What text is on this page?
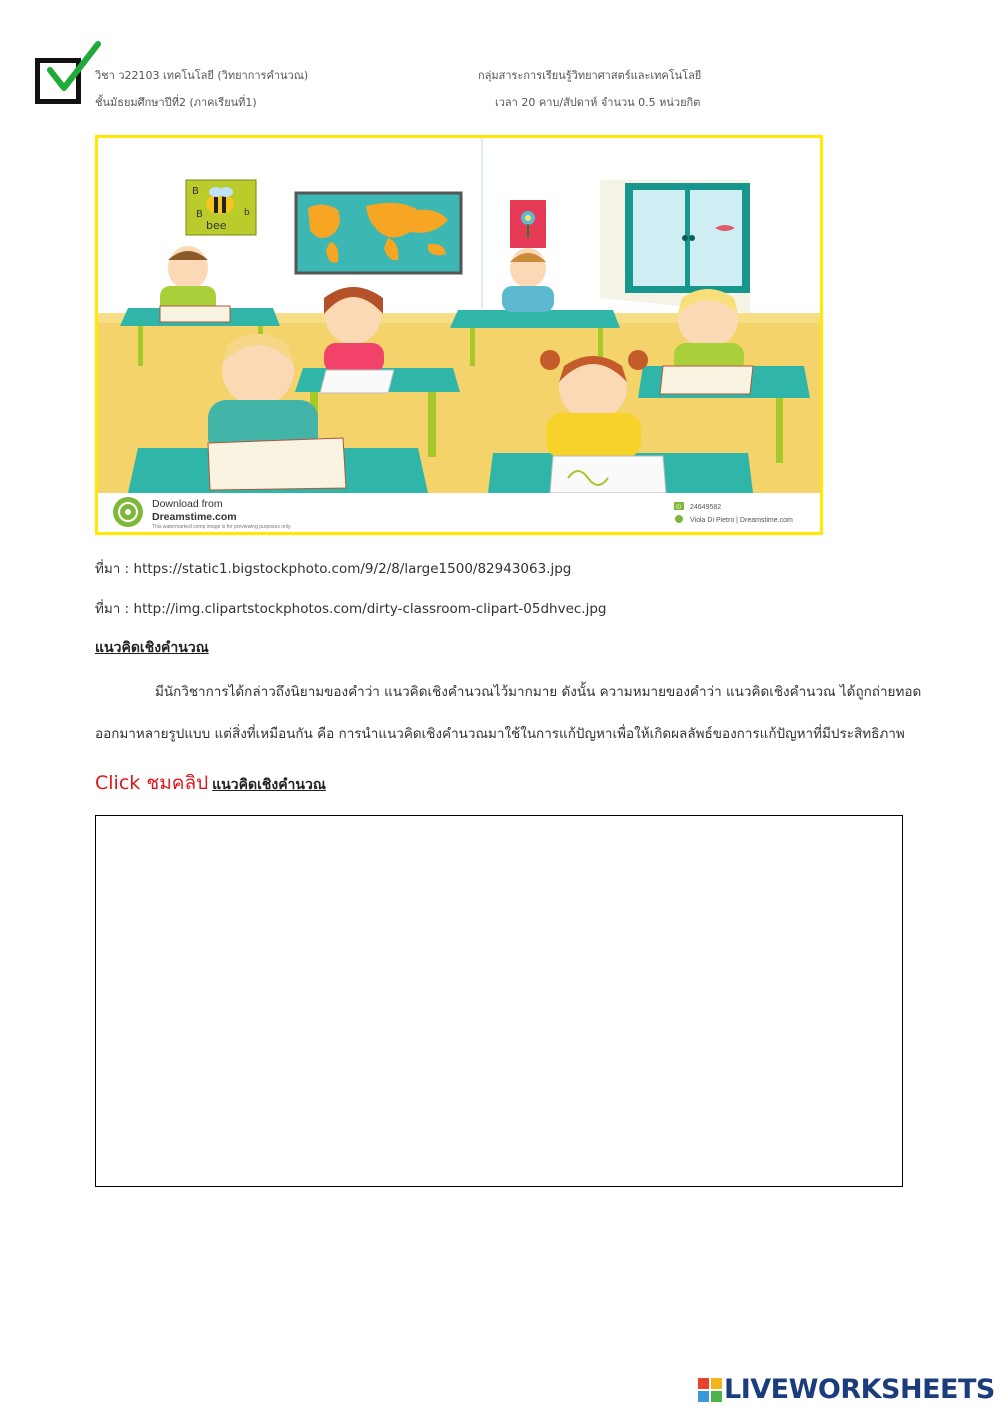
วิชา ว22103 เทคโนโลยี (วิทยาการคำนวณ)
ชั้นมัธยมศึกษาปีที่2 (ภาคเรียนที่1)
กลุ่มสาระการเรียนรู้วิทยาศาสตร์และเทคโนโลยี
เวลา 20 คาบ/สัปดาห์ จำนวน 0.5 หน่วยกิต
B
B	b
bee
Download from
Dreamstime.com
This watermarked comp image is for previewing purposes only.
ID 24649582
Viola Di Pietro | Dreamstime.com
ที่มา : https://static1.bigstockphoto.com/9/2/8/large1500/82943063.jpg
ที่มา : http://img.clipartstockphotos.com/dirty-classroom-clipart-05dhvec.jpg
แนวคิดเชิงคำนวณ
มีนักวิชาการได้กล่าวถึงนิยามของคำว่า แนวคิดเชิงคำนวณไว้มากมาย ดังนั้น ความหมายของคำว่า แนวคิดเชิงคำนวณ ได้ถูกถ่ายทอด
ออกมาหลายรูปแบบ แต่สิ่งที่เหมือนกัน คือ การนำแนวคิดเชิงคำนวณมาใช้ในการแก้ปัญหาเพื่อให้เกิดผลลัพธ์ของการแก้ปัญหาที่มีประสิทธิภาพ
Click ชมคลิป แนวคิดเชิงคำนวณ
LIVEWORKSHEETS
